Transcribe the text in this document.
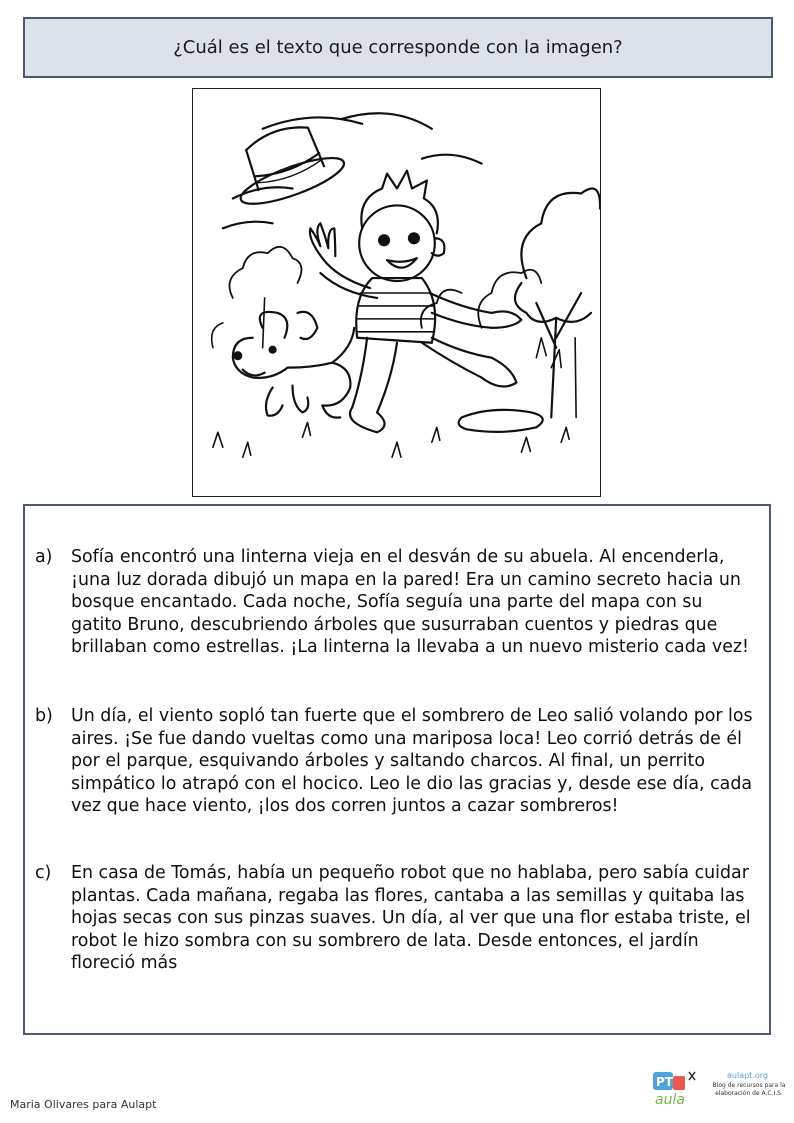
¿Cuál es el texto que corresponde con la imagen?
a)	Sofía encontró una linterna vieja en el desván de su abuela. Al encenderla, ¡una luz dorada dibujó un mapa en la pared! Era un camino secreto hacia un bosque encantado. Cada noche, Sofía seguía una parte del mapa con su gatito Bruno, descubriendo árboles que susurraban cuentos y piedras que brillaban como estrellas. ¡La linterna la llevaba a un nuevo misterio cada vez!
b)	Un día, el viento sopló tan fuerte que el sombrero de Leo salió volando por los aires. ¡Se fue dando vueltas como una mariposa loca! Leo corrió detrás de él por el parque, esquivando árboles y saltando charcos. Al final, un perrito simpático lo atrapó con el hocico. Leo le dio las gracias y, desde ese día, cada vez que hace viento, ¡los dos corren juntos a cazar sombreros!
c)	En casa de Tomás, había un pequeño robot que no hablaba, pero sabía cuidar plantas. Cada mañana, regaba las flores, cantaba a las semillas y quitaba las hojas secas con sus pinzas suaves. Un día, al ver que una flor estaba triste, el robot le hizo sombra con su sombrero de lata. Desde entonces, el jardín floreció más
Maria Olivares para Aulapt
PT
aula
aulapt.org
Blog de recursos para la elaboración de A.C.I.S.
